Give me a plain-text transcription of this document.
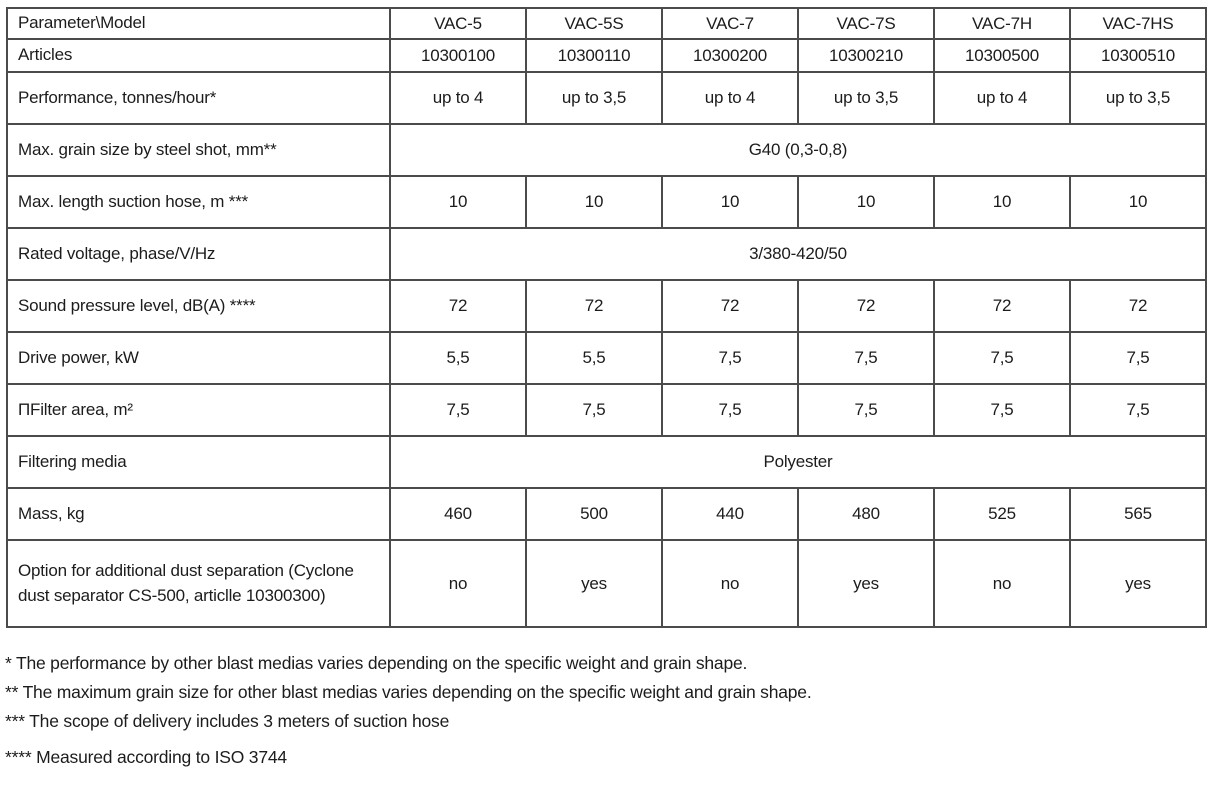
Parameter\Model	VAC-5	VAC-5S	VAC-7	VAC-7S	VAC-7H	VAC-7HS
Articles	10300100	10300110	10300200	10300210	10300500	10300510
Performance, tonnes/hour*	up to 4	up to 3,5	up to 4	up to 3,5	up to 4	up to 3,5
Max. grain size by steel shot, mm**	G40 (0,3-0,8)					
Max. length suction hose, m ***	10	10	10	10	10	10
Rated voltage, phase/V/Hz	3/380-420/50					
Sound pressure level, dB(A) ****	72	72	72	72	72	72
Drive power, kW	5,5	5,5	7,5	7,5	7,5	7,5
ПFilter area, m²	7,5	7,5	7,5	7,5	7,5	7,5
Filtering media	Polyester					
Mass, kg	460	500	440	480	525	565
Option for additional dust separation (Cyclone dust separator CS-500, articlle 10300300)	no	yes	no	yes	no	yes

* The performance by other blast medias varies depending on the specific weight and grain shape.

** The maximum grain size for other blast medias varies depending on the specific weight and grain shape.

*** The scope of delivery includes 3 meters of suction hose

**** Measured according to ISO 3744
